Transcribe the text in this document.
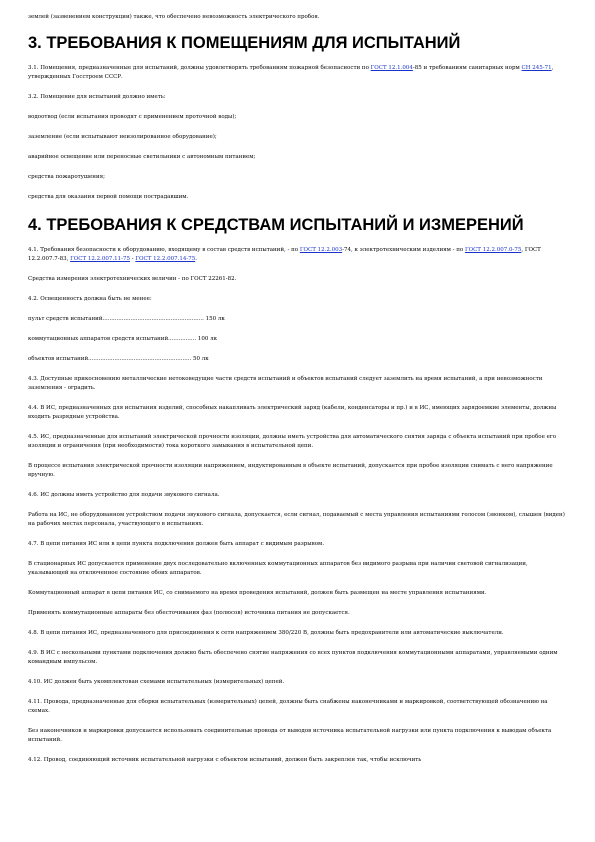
землей (зазвенением конструкции) также, что обеспечено невозможность электрического пробоя.

3. ТРЕБОВАНИЯ К ПОМЕЩЕНИЯМ ДЛЯ ИСПЫТАНИЙ

3.1. Помещения, предназначенные для испытаний, должны удовлетворять требованиям пожарной безопасности по ГОСТ 12.1.004-85 и требованиям санитарных норм СН 245-71, утвержденных Госстроем СССР.

3.2. Помещение для испытаний должно иметь:

водоотвод (если испытания проводят с применением проточной воды);

заземление (если испытывают неизолированное оборудование);

аварийное освещение или переносные светильники с автономным питанием;

средства пожаротушения;

средства для оказания первой помощи пострадавшим.

4. ТРЕБОВАНИЯ К СРЕДСТВАМ ИСПЫТАНИЙ И ИЗМЕРЕНИЙ

4.1. Требования безопасности к оборудованию, входящему в состав средств испытаний, - по ГОСТ 12.2.003-74, к электротехническим изделиям - по ГОСТ 12.2.007.0-75, ГОСТ 12.2.007.7-83, ГОСТ 12.2.007.11-75 - ГОСТ 12.2.007.14-75.

Средства измерения электротехнических величин - по ГОСТ 22261-82.

4.2. Освещенность должна быть не менее:

пульт средств испытаний.......................................................... 150 лк

коммутационных аппаратов средств испытаний................ 100 лк

объектов испытаний........................................................... 50 лк

4.3. Доступные прикосновению металлические нетоковедущие части средств испытаний и объектов испытаний следует заземлить на время испытаний, а при невозможности заземления - оградить.

4.4. В ИС, предназначенных для испытания изделий, способных накапливать электрический заряд (кабели, конденсаторы и пр.) и в ИС, имеющих зарядоемкие элементы, должны входить разрядные устройства.

4.5. ИС, предназначенные для испытаний электрической прочности изоляции, должны иметь устройства для автоматического снятия заряда с объекта испытаний при пробое его изоляции и ограничения (при необходимости) тока короткого замыкания в испытательной цепи.

В процессе испытания электрической прочности изоляции напряжением, индуктированным в объекте испытаний, допускается при пробое изоляции снимать с него напряжение вручную.

4.6. ИС должны иметь устройство для подачи звукового сигнала.

Работа на ИС, не оборудованном устройством подачи звукового сигнала, допускается, если сигнал, подаваемый с места управления испытаниями голосом (звонком), слышен (виден) на рабочих местах персонала, участвующего в испытаниях.

4.7. В цепи питания ИС или в цепи пункта подключения должен быть аппарат с видимым разрывом.

В стационарных ИС допускается применение двух последовательно включенных коммутационных аппаратов без видимого разрыва при наличии световой сигнализации, указывающей на отключенное состояние обоих аппаратов.

Коммутационный аппарат в цепи питания ИС, со снимаемого на время проведения испытаний, должен быть размещен на месте управления испытаниями.

Применять коммутационные аппараты без обесточивания фаз (полюсов) источника питания не допускается.

4.8. В цепи питания ИС, предназначенного для присоединения к сети напряжением 380/220 В, должны быть предохранители или автоматические выключатели.

4.9. В ИС с нескольными пунктами подключения должно быть обеспечено снятие напряжения со всех пунктов подключения коммутационными аппаратами, управляемыми одним командным импульсом.

4.10. ИС должен быть укомплектован схемами испытательных (измерительных) цепей.

4.11. Провода, предназначенные для сборки испытательных (измерительных) цепей, должны быть снабжены наконечниками и маркировкой, соответствующей обозначению на схемах.

Без наконечников и маркировки допускается использовать соединительные провода от выводов источника испытательной нагрузки или пункта подключения к выводам объекта испытаний.

4.12. Провод, соединяющий источник испытательной нагрузки с объектом испытаний, должен быть закреплен так, чтобы исключить
